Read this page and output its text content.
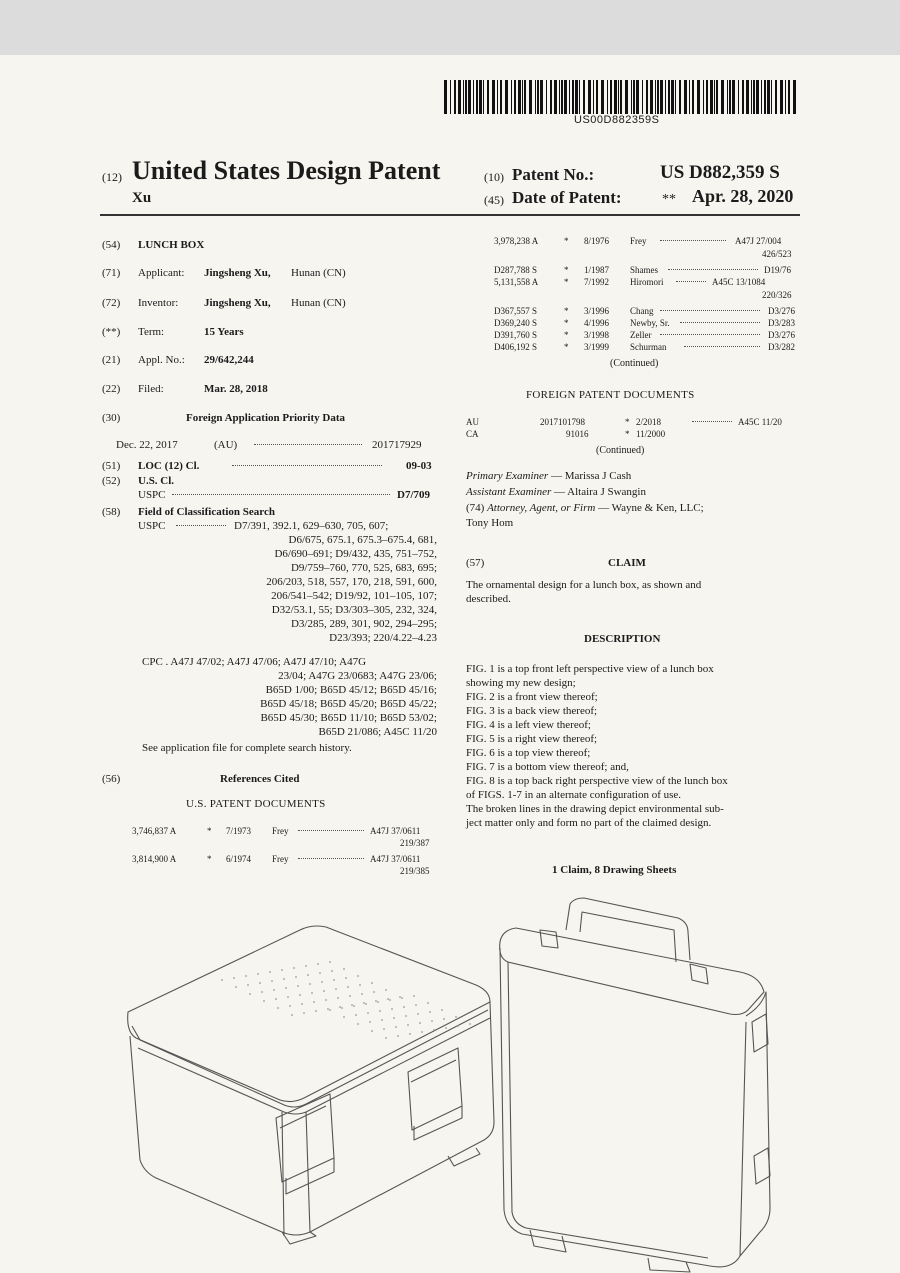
US00D882359S
(12) United States Design Patent
Xu
(10) Patent No.:	US D882,359 S
(45) Date of Patent:	** Apr. 28, 2020
(54) LUNCH BOX
(71) Applicant: Jingsheng Xu, Hunan (CN)
(72) Inventor: Jingsheng Xu, Hunan (CN)
(**) Term:	15 Years
(21) Appl. No.: 29/642,244
(22) Filed:	Mar. 28, 2018
(30)	Foreign Application Priority Data
Dec. 22, 2017	(AU)	201717929
(51) LOC (12) Cl.	09-03
(52) U.S. Cl.
USPC	D7/709
(58) Field of Classification Search
USPC	D7/391, 392.1, 629–630, 705, 607;
D6/675, 675.1, 675.3–675.4, 681,
D6/690–691; D9/432, 435, 751–752,
D9/759–760, 770, 525, 683, 695;
206/203, 518, 557, 170, 218, 591, 600,
206/541–542; D19/92, 101–105, 107;
D32/53.1, 55; D3/303–305, 232, 324,
D3/285, 289, 301, 902, 294–295;
D23/393; 220/4.22–4.23
CPC . A47J 47/02; A47J 47/06; A47J 47/10; A47G
23/04; A47G 23/0683; A47G 23/06;
B65D 1/00; B65D 45/12; B65D 45/16;
B65D 45/18; B65D 45/20; B65D 45/22;
B65D 45/30; B65D 11/10; B65D 53/02;
B65D 21/086; A45C 11/20
See application file for complete search history.
(56)	References Cited
U.S. PATENT DOCUMENTS
3,746,837 A	* 7/1973 Frey	A47J 37/0611
219/387
3,814,900 A	* 6/1974 Frey	A47J 37/0611
219/385
3,978,238 A	* 8/1976 Frey	A47J 27/004
426/523
D287,788 S	* 1/1987 Shames	D19/76
5,131,558 A	* 7/1992 Hiromori	A45C 13/1084
220/326
D367,557 S	* 3/1996 Chang	D3/276
D369,240 S	* 4/1996 Newby, Sr.	D3/283
D391,760 S	* 3/1998 Zeller	D3/276
D406,192 S	* 3/1999 Schurman	D3/282
(Continued)
FOREIGN PATENT DOCUMENTS
AU	2017101798	* 2/2018	A45C 11/20
CA	91016	* 11/2000
(Continued)
Primary Examiner — Marissa J Cash
Assistant Examiner — Altaira J Swangin
(74) Attorney, Agent, or Firm — Wayne & Ken, LLC;
Tony Hom
(57)	CLAIM
The ornamental design for a lunch box, as shown and
described.
DESCRIPTION
FIG. 1 is a top front left perspective view of a lunch box
showing my new design;
FIG. 2 is a front view thereof;
FIG. 3 is a back view thereof;
FIG. 4 is a left view thereof;
FIG. 5 is a right view thereof;
FIG. 6 is a top view thereof;
FIG. 7 is a bottom view thereof; and,
FIG. 8 is a top back right perspective view of the lunch box
of FIGS. 1-7 in an alternate configuration of use.
The broken lines in the drawing depict environmental sub-
ject matter only and form no part of the claimed design.
1 Claim, 8 Drawing Sheets
